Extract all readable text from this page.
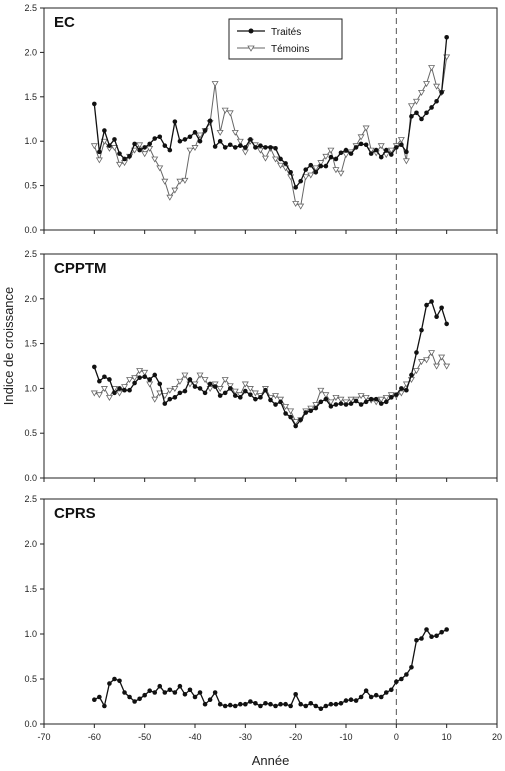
0.0
0.5
1.0
1.5
2.0
2.5
EC
0.0
0.5
1.0
1.5
2.0
2.5
CPPTM
0.0
0.5
1.0
1.5
2.0
2.5
CPRS
-70	-60	-50	-40	-30	-20	-10	0	10	20
Année
Indice de croissance
Traités
Témoins
